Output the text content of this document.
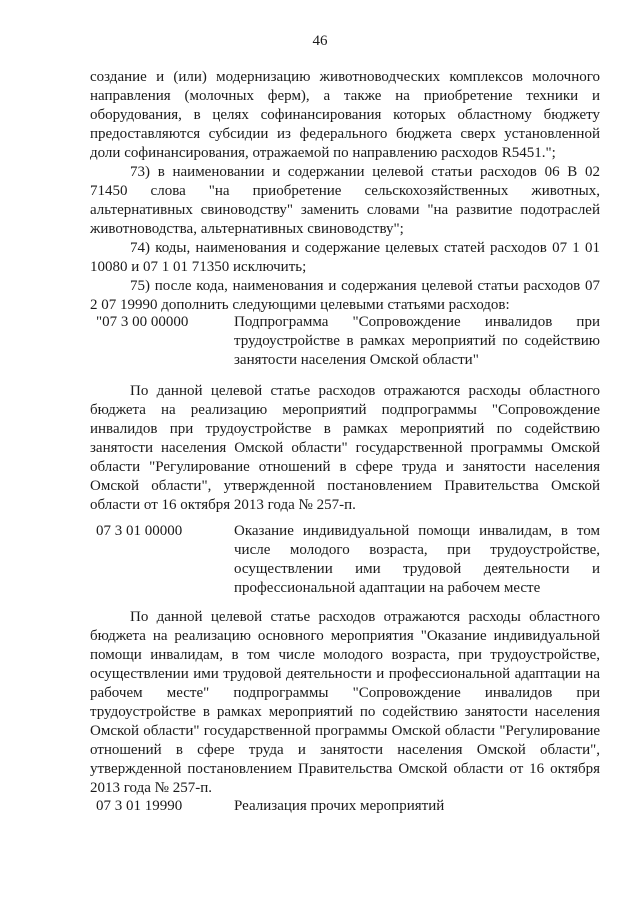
46

создание и (или) модернизацию животноводческих комплексов молочного направления (молочных ферм), а также на приобретение техники и оборудования, в целях софинансирования которых областному бюджету предоставляются субсидии из федерального бюджета сверх установленной доли софинансирования, отражаемой по направлению расходов R5451.";

73) в наименовании и содержании целевой статьи расходов 06 В 02 71450 слова "на приобретение сельскохозяйственных животных, альтернативных свиноводству" заменить словами "на развитие подотраслей животноводства, альтернативных свиноводству";

74) коды, наименования и содержание целевых статей расходов 07 1 01 10080 и 07 1 01 71350 исключить;

75) после кода, наименования и содержания целевой статьи расходов 07 2 07 19990 дополнить следующими целевыми статьями расходов:

"07 3 00 00000	Подпрограмма "Сопровождение инвалидов при трудоустройстве в рамках мероприятий по содействию занятости населения Омской области"

По данной целевой статье расходов отражаются расходы областного бюджета на реализацию мероприятий подпрограммы "Сопровождение инвалидов при трудоустройстве в рамках мероприятий по содействию занятости населения Омской области" государственной программы Омской области "Регулирование отношений в сфере труда и занятости населения Омской области", утвержденной постановлением Правительства Омской области от 16 октября 2013 года № 257-п.

07 3 01 00000	Оказание индивидуальной помощи инвалидам, в том числе молодого возраста, при трудоустройстве, осуществлении ими трудовой деятельности и профессиональной адаптации на рабочем месте

По данной целевой статье расходов отражаются расходы областного бюджета на реализацию основного мероприятия "Оказание индивидуальной помощи инвалидам, в том числе молодого возраста, при трудоустройстве, осуществлении ими трудовой деятельности и профессиональной адаптации на рабочем месте" подпрограммы "Сопровождение инвалидов при трудоустройстве в рамках мероприятий по содействию занятости населения Омской области" государственной программы Омской области "Регулирование отношений в сфере труда и занятости населения Омской области", утвержденной постановлением Правительства Омской области от 16 октября 2013 года № 257-п.

07 3 01 19990	Реализация прочих мероприятий
